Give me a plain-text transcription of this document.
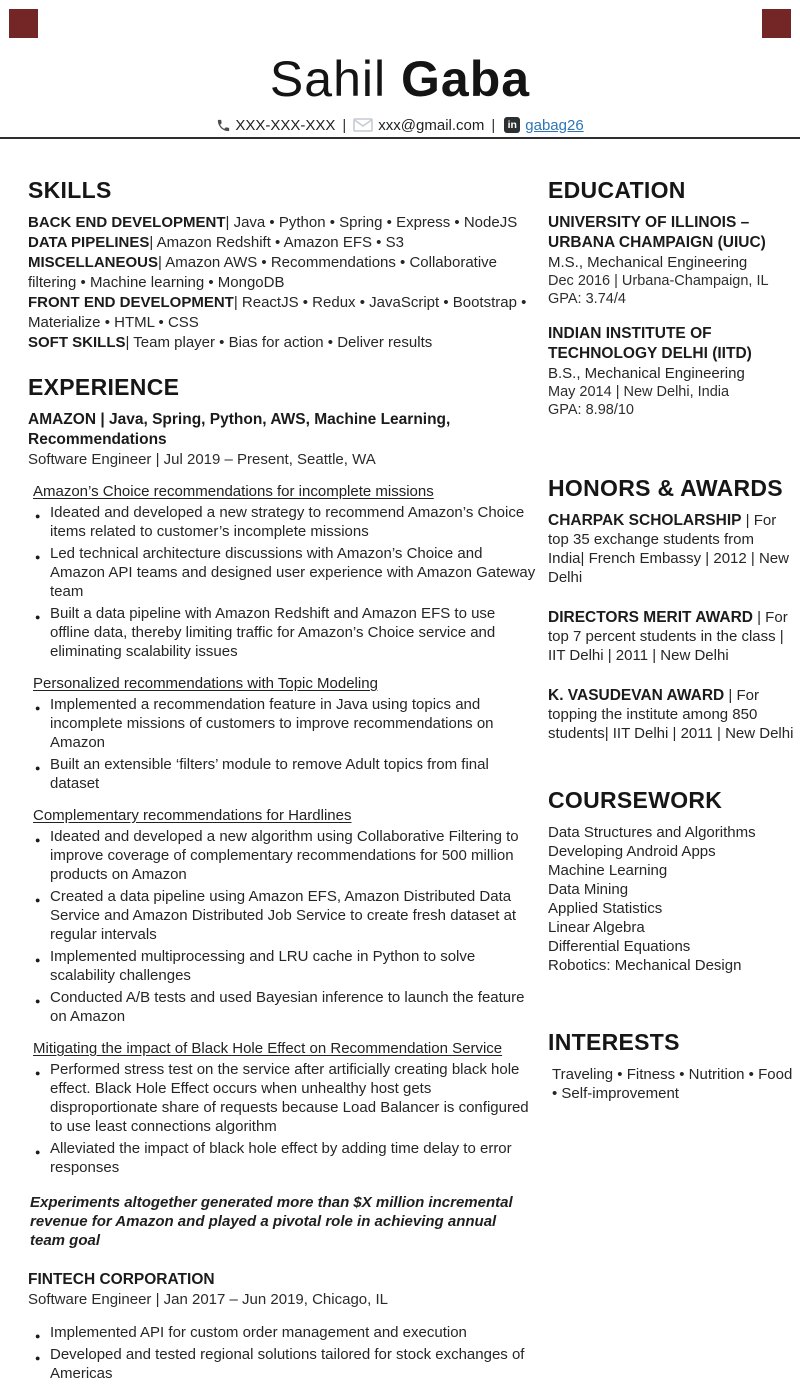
Sahil Gaba
XXX-XXX-XXX | xxx@gmail.com | in gabag26
SKILLS

BACK END DEVELOPMENT| Java • Python • Spring • Express • NodeJS

DATA PIPELINES| Amazon Redshift • Amazon EFS • S3

MISCELLANEOUS| Amazon AWS • Recommendations • Collaborative filtering • Machine learning • MongoDB

FRONT END DEVELOPMENT| ReactJS • Redux • JavaScript • Bootstrap • Materialize • HTML • CSS

SOFT SKILLS| Team player • Bias for action • Deliver results

EXPERIENCE

AMAZON | Java, Spring, Python, AWS, Machine Learning, Recommendations

Software Engineer | Jul 2019 – Present, Seattle, WA

Amazon’s Choice recommendations for incomplete missions

● Ideated and developed a new strategy to recommend Amazon’s Choice items related to customer’s incomplete missions
● Led technical architecture discussions with Amazon’s Choice and Amazon API teams and designed user experience with Amazon Gateway team
● Built a data pipeline with Amazon Redshift and Amazon EFS to use offline data, thereby limiting traffic for Amazon’s Choice service and eliminating scalability issues

Personalized recommendations with Topic Modeling

● Implemented a recommendation feature in Java using topics and incomplete missions of customers to improve recommendations on Amazon
● Built an extensible ‘filters’ module to remove Adult topics from final dataset

Complementary recommendations for Hardlines

● Ideated and developed a new algorithm using Collaborative Filtering to improve coverage of complementary recommendations for 500 million products on Amazon
● Created a data pipeline using Amazon EFS, Amazon Distributed Data Service and Amazon Distributed Job Service to create fresh dataset at regular intervals
● Implemented multiprocessing and LRU cache in Python to solve scalability challenges
● Conducted A/B tests and used Bayesian inference to launch the feature on Amazon

Mitigating the impact of Black Hole Effect on Recommendation Service

● Performed stress test on the service after artificially creating black hole effect. Black Hole Effect occurs when unhealthy host gets disproportionate share of requests because Load Balancer is configured to use least connections algorithm
● Alleviated the impact of black hole effect by adding time delay to error responses

Experiments altogether generated more than $X million incremental revenue for Amazon and played a pivotal role in achieving annual team goal

FINTECH CORPORATION

Software Engineer | Jan 2017 – Jun 2019, Chicago, IL

● Implemented API for custom order management and execution
● Developed and tested regional solutions tailored for stock exchanges of Americas
EDUCATION

UNIVERSITY OF ILLINOIS – URBANA CHAMPAIGN (UIUC)

M.S., Mechanical Engineering

Dec 2016 | Urbana-Champaign, IL

GPA: 3.74/4

INDIAN INSTITUTE OF TECHNOLOGY DELHI (IITD)

B.S., Mechanical Engineering

May 2014 | New Delhi, India

GPA: 8.98/10

HONORS & AWARDS

CHARPAK SCHOLARSHIP | For top 35 exchange students from India| French Embassy | 2012 | New Delhi

DIRECTORS MERIT AWARD | For top 7 percent students in the class | IIT Delhi | 2011 | New Delhi

K. VASUDEVAN AWARD | For topping the institute among 850 students| IIT Delhi | 2011 | New Delhi

COURSEWORK

Data Structures and Algorithms

Developing Android Apps

Machine Learning

Data Mining

Applied Statistics

Linear Algebra

Differential Equations

Robotics: Mechanical Design

INTERESTS

Traveling • Fitness • Nutrition • Food • Self-improvement
